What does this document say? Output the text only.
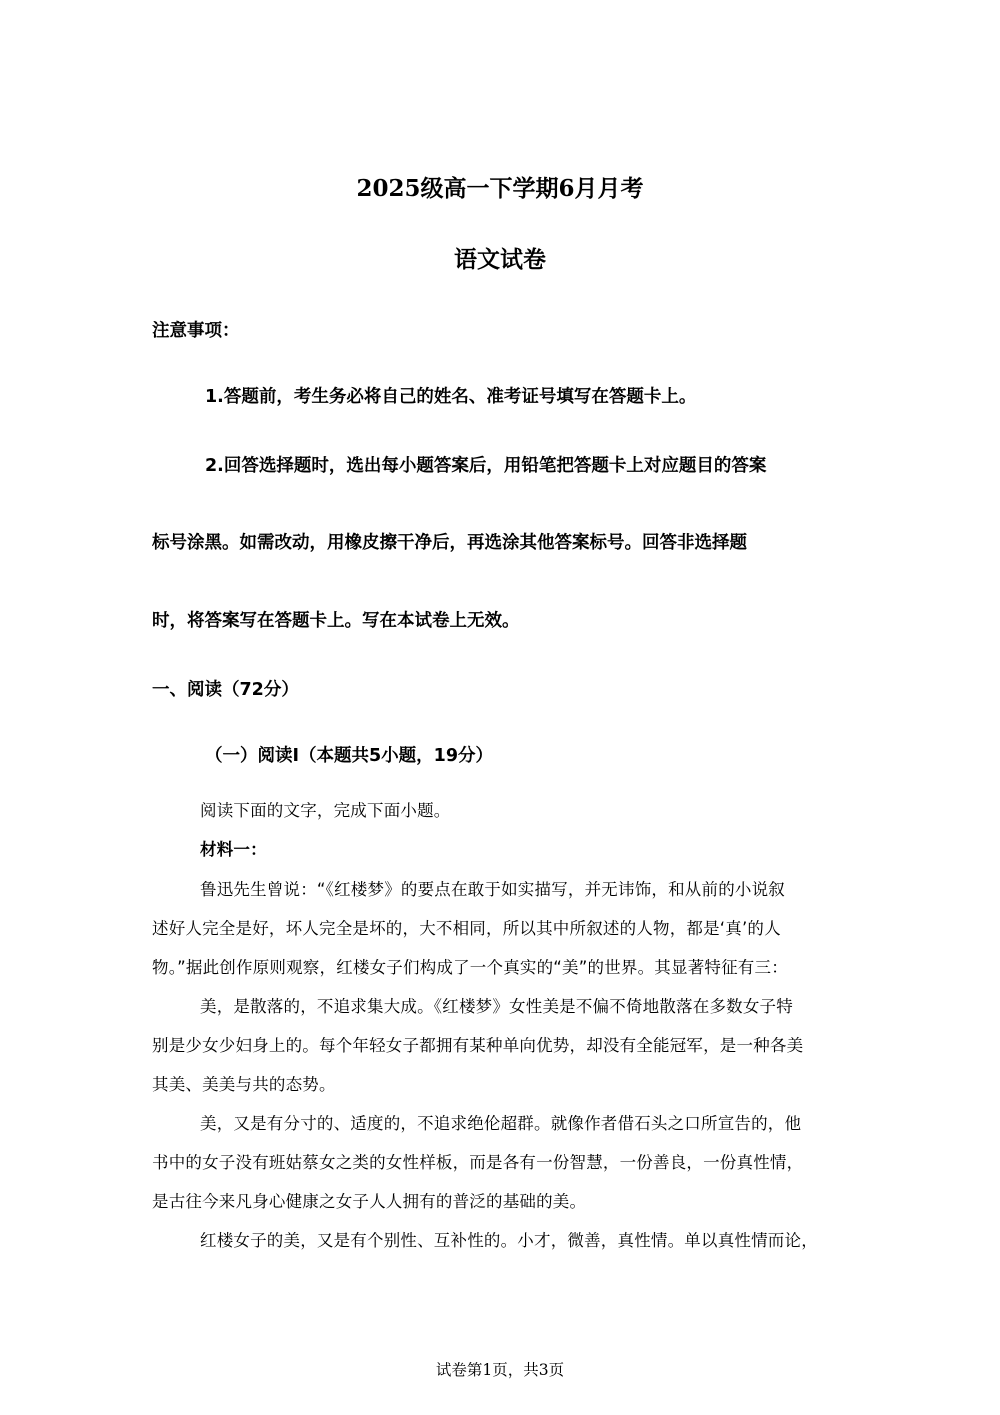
2025级高一下学期6月月考
语文试卷
注意事项：
1.答题前，考生务必将自己的姓名、准考证号填写在答题卡上。
2.回答选择题时，选出每小题答案后，用铅笔把答题卡上对应题目的答案
标号涂黑。如需改动，用橡皮擦干净后，再选涂其他答案标号。回答非选择题
时，将答案写在答题卡上。写在本试卷上无效。
一、阅读（72分）
（一）阅读Ⅰ（本题共5小题，19分）
阅读下面的文字，完成下面小题。
材料一：
鲁迅先生曾说：“《红楼梦》的要点在敢于如实描写，并无讳饰，和从前的小说叙
述好人完全是好，坏人完全是坏的，大不相同，所以其中所叙述的人物，都是‘真’的人
物。”据此创作原则观察，红楼女子们构成了一个真实的“美”的世界。其显著特征有三：
美，是散落的，不追求集大成。《红楼梦》女性美是不偏不倚地散落在多数女子特
别是少女少妇身上的。每个年轻女子都拥有某种单向优势，却没有全能冠军，是一种各美
其美、美美与共的态势。
美，又是有分寸的、适度的，不追求绝伦超群。就像作者借石头之口所宣告的，他
书中的女子没有班姑蔡女之类的女性样板，而是各有一份智慧，一份善良，一份真性情，
是古往今来凡身心健康之女子人人拥有的普泛的基础的美。
红楼女子的美，又是有个别性、互补性的。小才，微善，真性情。单以真性情而论，
试卷第1页，共3页
